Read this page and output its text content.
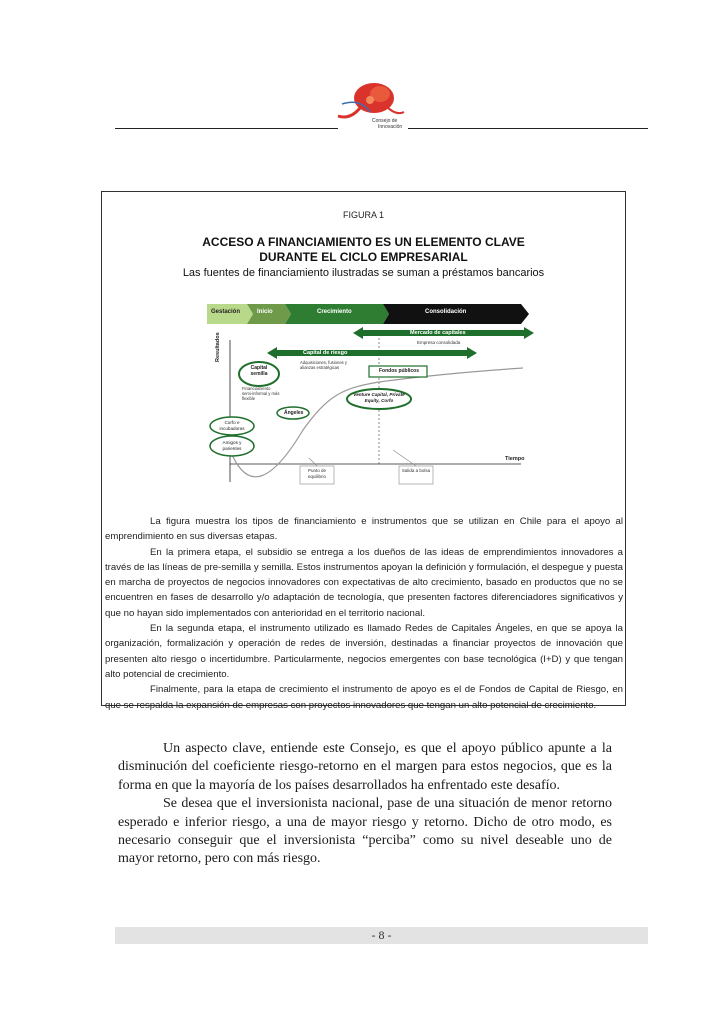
Consejo de
Innovación
FIGURA 1
ACCESO A FINANCIAMIENTO ES UN ELEMENTO CLAVE
DURANTE EL CICLO EMPRESARIAL
Las fuentes de financiamiento ilustradas se suman a préstamos bancarios
Gestación	Inicio	Crecimiento	Consolidación
Resultados
Tiempo
Mercado de capitales
Empresa consolidada
Capital de riesgo
Adquisiciones, fusiones y alianzas estratégicas
Capital semilla
Financiamiento semi-informal y más flexible
Fondos públicos
Venture Capital, Private Equity, Corfo
Ángeles
Corfo e incubadoras
Amigos y parientes
Punto de equilibrio
Salida a bolsa

La figura muestra los tipos de financiamiento e instrumentos que se utilizan en Chile para el apoyo al emprendimiento en sus diversas etapas.

En la primera etapa, el subsidio se entrega a los dueños de las ideas de emprendimientos innovadores a través de las líneas de pre-semilla y semilla. Estos instrumentos apoyan la definición y formulación, el despegue y puesta en marcha de proyectos de negocios innovadores con expectativas de alto crecimiento, basado en productos que no se encuentren en fases de desarrollo y/o adaptación de tecnología, que presenten factores diferenciadores significativos y que no hayan sido implementados con anterioridad en el territorio nacional.

En la segunda etapa, el instrumento utilizado es llamado Redes de Capitales Ángeles, en que se apoya la organización, formalización y operación de redes de inversión, destinadas a financiar proyectos de innovación que presenten alto riesgo o incertidumbre. Particularmente, negocios emergentes con base tecnológica (I+D) y que tengan alto potencial de crecimiento.

Finalmente, para la etapa de crecimiento el instrumento de apoyo es el de Fondos de Capital de Riesgo, en que se respalda la expansión de empresas con proyectos innovadores que tengan un alto potencial de crecimiento.

Un aspecto clave, entiende este Consejo, es que el apoyo público apunte a la disminución del coeficiente riesgo-retorno en el margen para estos negocios, que es la forma en que la mayoría de los países desarrollados ha enfrentado este desafío.

Se desea que el inversionista nacional, pase de una situación de menor retorno esperado e inferior riesgo, a una de mayor riesgo y retorno. Dicho de otro modo, es necesario conseguir que el inversionista “perciba” como su nivel deseable uno de mayor retorno, pero con más riesgo.

- 8 -
